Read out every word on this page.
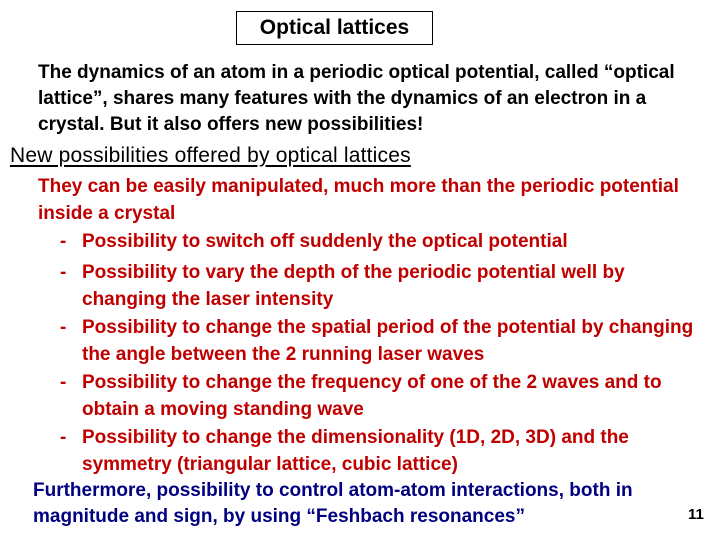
Optical lattices

The dynamics of an atom in a periodic optical potential, called “optical lattice”, shares many features with the dynamics of an electron in a crystal. But it also offers new possibilities!

New possibilities offered by optical lattices

They can be easily manipulated, much more than the periodic potential inside a crystal

- Possibility to switch off suddenly the optical potential
- Possibility to vary the depth of the periodic potential well by changing the laser intensity
- Possibility to change the spatial period of the potential by changing the angle between the 2 running laser waves
- Possibility to change the frequency of one of the 2 waves and to obtain a moving standing wave
- Possibility to change the dimensionality (1D, 2D, 3D) and the symmetry (triangular lattice, cubic lattice)

Furthermore, possibility to control atom-atom interactions, both in magnitude and sign, by using “Feshbach resonances”	11
